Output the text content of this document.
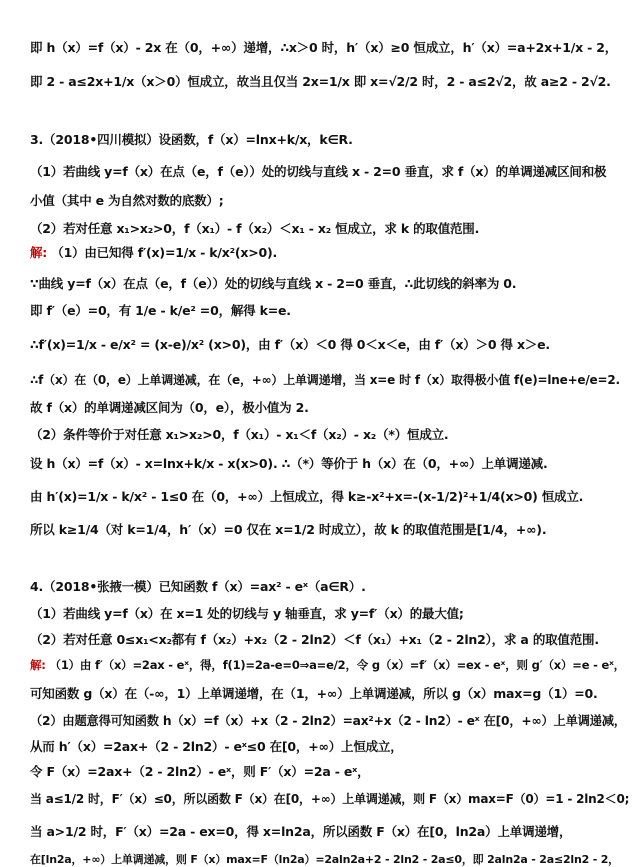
即 h（x）=f（x）- 2x 在（0，+∞）递增，∴x＞0 时，h′（x）≥0 恒成立，h′（x）=a+2x+1/x - 2，
即 2 - a≤2x+1/x（x＞0）恒成立，故当且仅当 2x=1/x 即 x=√2/2 时，2 - a≤2√2，故 a≥2 - 2√2.
3.（2018•四川模拟）设函数，f（x）=lnx+k/x，k∈R.
（1）若曲线 y=f（x）在点（e，f（e））处的切线与直线 x - 2=0 垂直，求 f（x）的单调递减区间和极
小值（其中 e 为自然对数的底数）;
（2）若对任意 x₁>x₂>0，f（x₁）- f（x₂）＜x₁ - x₂ 恒成立，求 k 的取值范围.
解: （1）由已知得 f′(x)=1/x - k/x²(x>0).
∵曲线 y=f（x）在点（e，f（e））处的切线与直线 x - 2=0 垂直，∴此切线的斜率为 0.
即 f′（e）=0，有 1/e - k/e² =0，解得 k=e.
∴f′(x)=1/x - e/x² = (x-e)/x² (x>0)，由 f′（x）＜0 得 0＜x＜e，由 f′（x）＞0 得 x＞e.
∴f（x）在（0，e）上单调递减，在（e，+∞）上单调递增，当 x=e 时 f（x）取得极小值 f(e)=lne+e/e=2.
故 f（x）的单调递减区间为（0，e），极小值为 2.
（2）条件等价于对任意 x₁>x₂>0，f（x₁）- x₁＜f（x₂）- x₂（*）恒成立.
设 h（x）=f（x）- x=lnx+k/x - x(x>0). ∴（*）等价于 h（x）在（0，+∞）上单调递减.
由 h′(x)=1/x - k/x² - 1≤0 在（0，+∞）上恒成立，得 k≥-x²+x=-(x-1/2)²+1/4(x>0) 恒成立.
所以 k≥1/4（对 k=1/4，h′（x）=0 仅在 x=1/2 时成立），故 k 的取值范围是[1/4，+∞).
4.（2018•张掖一模）已知函数 f（x）=ax² - eˣ（a∈R）.
（1）若曲线 y=f（x）在 x=1 处的切线与 y 轴垂直，求 y=f′（x）的最大值;
（2）若对任意 0≤x₁<x₂都有 f（x₂）+x₂（2 - 2ln2）＜f（x₁）+x₁（2 - 2ln2），求 a 的取值范围.
解: （1）由 f′（x）=2ax - eˣ，得，f(1)=2a-e=0⇒a=e/2，令 g（x）=f′（x）=ex - eˣ，则 g′（x）=e - eˣ，
可知函数 g（x）在（-∞，1）上单调递增，在（1，+∞）上单调递减，所以 g（x）max=g（1）=0.
（2）由题意得可知函数 h（x）=f（x）+x（2 - 2ln2）=ax²+x（2 - ln2）- eˣ 在[0，+∞）上单调递减，
从而 h′（x）=2ax+（2 - 2ln2）- eˣ≤0 在[0，+∞）上恒成立，
令 F（x）=2ax+（2 - 2ln2）- eˣ，则 F′（x）=2a - eˣ，
当 a≤1/2 时，F′（x）≤0，所以函数 F（x）在[0，+∞）上单调递减，则 F（x）max=F（0）=1 - 2ln2＜0;
当 a>1/2 时，F′（x）=2a - ex=0，得 x=ln2a，所以函数 F（x）在[0，ln2a）上单调递增，
在[ln2a，+∞）上单调递减，则 F（x）max=F（ln2a）=2aln2a+2 - 2ln2 - 2a≤0，即 2aln2a - 2a≤2ln2 - 2，
